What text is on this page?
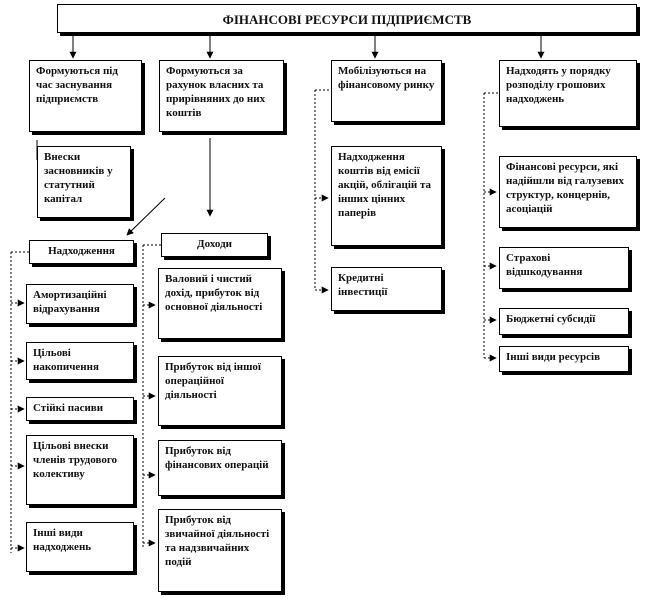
ФІНАНСОВІ РЕСУРСИ ПІДПРИЄМСТВ
Формуються під час заснування підприємств
Формуються за рахунок власних та прирівняних до них коштів
Мобілізуються на фінансовому ринку
Надходять у порядку розподілу грошових надходжень
Внески засновників у статутний капітал
Надходження
Амортизаційні відрахування
Цільові накопичення
Стійкі пасиви
Цільові внески членів трудового колективу
Інші види надходжень
Доходи
Валовий і чистий дохід, прибуток від основної діяльності
Прибуток від іншої операційної діяльності
Прибуток від фінансових операцій
Прибуток від звичайної діяльності та надзвичайних подій
Надходження коштів від емісії акцій, облігацій та інших цінних паперів
Кредитні інвестиції
Фінансові ресурси, які надійшли від галузевих структур, концернів, асоціацій
Страхові відшкодування
Бюджетні субсидії
Інші види ресурсів
